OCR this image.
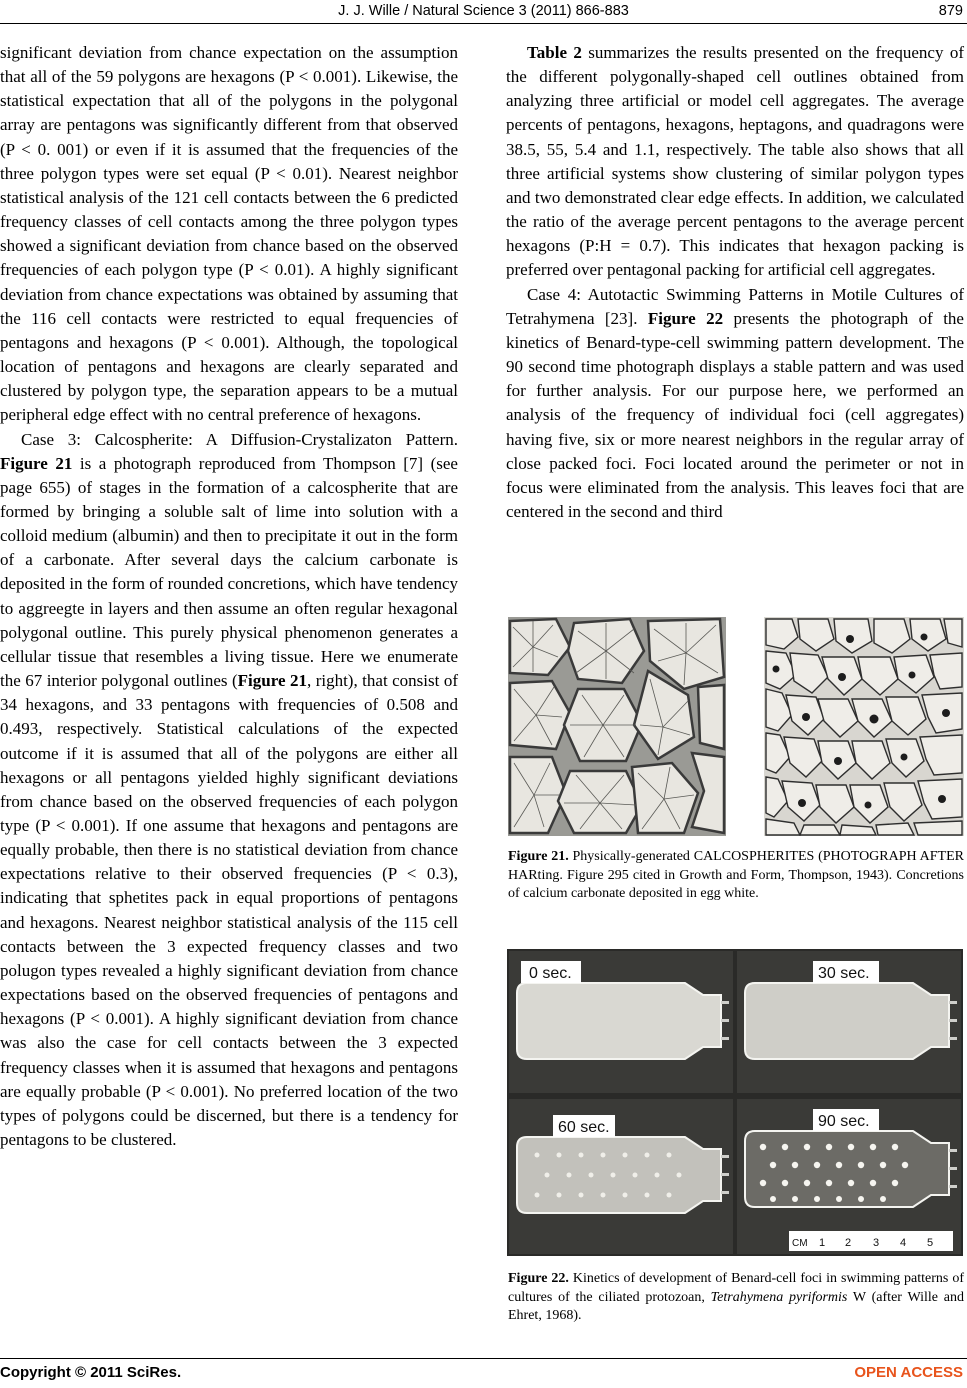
J. J. Wille / Natural Science 3 (2011) 866-883	879

significant deviation from chance expectation on the assumption that all of the 59 polygons are hexagons (P < 0.001). Likewise, the statistical expectation that all of the polygons in the polygonal array are pentagons was significantly different from that observed (P < 0. 001) or even if it is assumed that the frequencies of the three polygon types were set equal (P < 0.01). Nearest neighbor statistical analysis of the 121 cell contacts between the 6 predicted frequency classes of cell contacts among the three polygon types showed a significant deviation from chance based on the observed frequencies of each polygon type (P < 0.01). A highly significant deviation from chance expectations was obtained by assuming that the 116 cell contacts were restricted to equal frequencies of pentagons and hexagons (P < 0.001). Although, the topological location of pentagons and hexagons are clearly separated and clustered by polygon type, the separation appears to be a mutual peripheral edge effect with no central preference of hexagons.

Case 3: Calcospherite: A Diffusion-Crystalizaton Pattern. Figure 21 is a photograph reproduced from Thompson [7] (see page 655) of stages in the formation of a calcospherite that are formed by bringing a soluble salt of lime into solution with a colloid medium (albumin) and then to precipitate it out in the form of a carbonate. After several days the calcium carbonate is deposited in the form of rounded concretions, which have tendency to aggreegte in layers and then assume an often regular hexagonal polygonal outline. This purely physical phenomenon generates a cellular tissue that resembles a living tissue. Here we enumerate the 67 interior polygonal outlines (Figure 21, right), that consist of 34 hexagons, and 33 pentagons with frequencies of 0.508 and 0.493, respectively. Statistical calculations of the expected outcome if it is assumed that all of the polygons are either all hexagons or all pentagons yielded highly significant deviations from chance based on the observed frequencies of each polygon type (P < 0.001). If one assume that hexagons and pentagons are equally probable, then there is no statistical deviation from chance expectations relative to their observed frequencies (P < 0.3), indicating that sphetites pack in equal proportions of pentagons and hexagons. Nearest neighbor statistical analysis of the 115 cell contacts between the 3 expected frequency classes and two polugon types revealed a highly significant deviation from chance expectations based on the observed frequencies of pentagons and hexagons (P < 0.001). A highly significant deviation from chance was also the case for cell contacts between the 3 expected frequency classes when it is assumed that hexagons and pentagons are equally probable (P < 0.001). No preferred location of the two types of polygons could be discerned, but there is a tendency for pentagons to be clustered.

Table 2 summarizes the results presented on the frequency of the different polygonally-shaped cell outlines obtained from analyzing three artificial or model cell aggregates. The average percents of pentagons, hexagons, heptagons, and quadragons were 38.5, 55, 5.4 and 1.1, respectively. The table also shows that all three artificial systems show clustering of similar polygon types and two demonstrated clear edge effects. In addition, we calculated the ratio of the average percent pentagons to the average percent hexagons (P:H = 0.7). This indicates that hexagon packing is preferred over pentagonal packing for artificial cell aggregates.

Case 4: Autotactic Swimming Patterns in Motile Cultures of Tetrahymena [23]. Figure 22 presents the photograph of the kinetics of Benard-type-cell swimming pattern development. The 90 second time photograph displays a stable pattern and was used for further analysis. For our purpose here, we performed an analysis of the frequency of individual foci (cell aggregates) having five, six or more nearest neighbors in the regular array of close packed foci. Foci located around the perimeter or not in focus were eliminated from the analysis. This leaves foci that are centered in the second and third

Figure 21. Physically-generated CALCOSPHERITES (PHOTOGRAPH AFTER HARting. Figure 295 cited in Growth and Form, Thompson, 1943). Concretions of calcium carbonate deposited in egg white.
0 sec.	30 sec.
60 sec.	90 sec.
CM 1 2 3 4 5
Figure 22. Kinetics of development of Benard-cell foci in swimming patterns of cultures of the ciliated protozoan, Tetrahymena pyriformis W (after Wille and Ehret, 1968).
Copyright © 2011 SciRes.	OPEN ACCESS
